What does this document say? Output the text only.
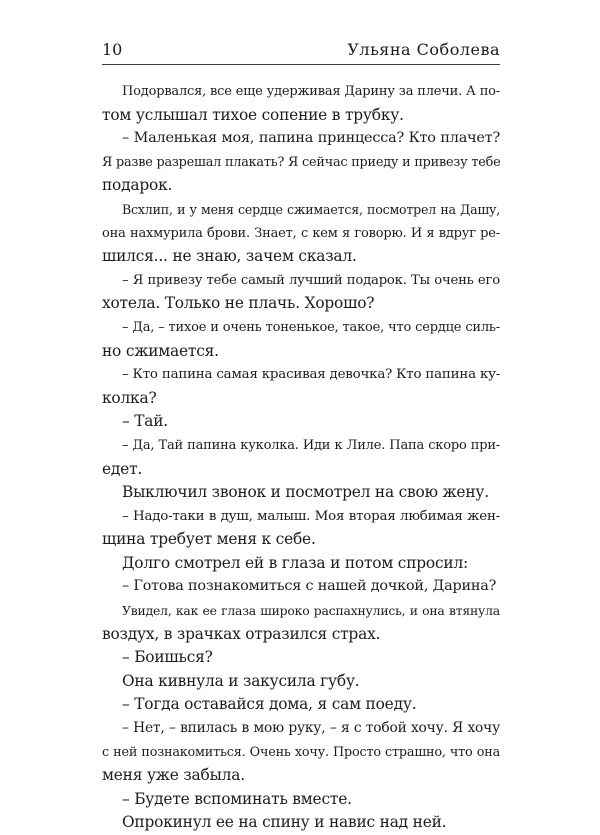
10	Ульяна Соболева
Подорвался, все еще удерживая Дарину за плечи. А по-
том услышал тихое сопение в трубку.
– Маленькая моя, папина принцесса? Кто плачет?
Я разве разрешал плакать? Я сейчас приеду и привезу тебе
подарок.
Всхлип, и у меня сердце сжимается, посмотрел на Дашу,
она нахмурила брови. Знает, с кем я говорю. И я вдруг ре-
шился... не знаю, зачем сказал.
– Я привезу тебе самый лучший подарок. Ты очень его
хотела. Только не плачь. Хорошо?
– Да, – тихое и очень тоненькое, такое, что сердце силь-
но сжимается.
– Кто папина самая красивая девочка? Кто папина ку-
колка?
– Тай.
– Да, Тай папина куколка. Иди к Лиле. Папа скоро при-
едет.
Выключил звонок и посмотрел на свою жену.
– Надо-таки в душ, малыш. Моя вторая любимая жен-
щина требует меня к себе.
Долго смотрел ей в глаза и потом спросил:
– Готова познакомиться с нашей дочкой, Дарина?
Увидел, как ее глаза широко распахнулись, и она втянула
воздух, в зрачках отразился страх.
– Боишься?
Она кивнула и закусила губу.
– Тогда оставайся дома, я сам поеду.
– Нет, – впилась в мою руку, – я с тобой хочу. Я хочу
с ней познакомиться. Очень хочу. Просто страшно, что она
меня уже забыла.
– Будете вспоминать вместе.
Опрокинул ее на спину и навис над ней.
